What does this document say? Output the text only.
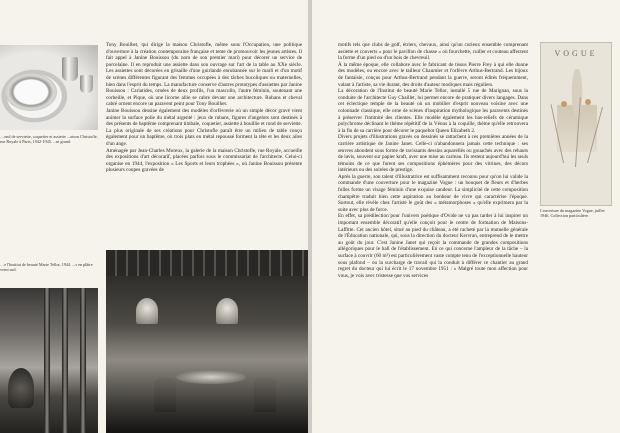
…ond de serviette, coquetier et assiette ...aison Christofle, rue Royale à Paris, 1942-1945. ...nt grand.

Tony Bouilhet, qui dirige la maison Christofle, même sous l'Occupation, une politique d'ouverture à la création contemporaine française et tente de promouvoir les jeunes artistes. Il fait appel à Janine Bouissou (du nom de son premier mari) pour décorer un service de porcelaine. Il en reproduit une assiette dans son ouvrage sur l'art de la table au XXe siècle. Les assiettes sont décorées en grisaille d'une guirlande enrubannée sur le marli et d'un motif de scènes différentes figurant des femmes occupées à des tâches bucoliques ou maternelles, bien dans l'esprit du temps. La manufacture conserve d'autres prototypes d'assiettes par Janine Bouissou : Cariatides, ornées de deux profils, l'un masculin, l'autre féminin, soutenant une corbeille, et Pique, où une licorne allie se cabre devant une architecture. Rubans et cheval cabré ornent encore un paravent peint pour Tony Bouilhet.

Janine Bouissou dessine également des modèles d'orfèvrerie où un simple décor gravé vient animer la surface polie du métal argenté : jeux de rubans, figures d'angelots sont destinés à des présents de baptême comprenant timbale, coquetier, assiette à bouillie et rond de serviette. La plus originale de ses créations pour Christofle paraît être un milieu de table conçu également pour un baptême, où trois plats en métal repoussé forment la tête et les deux ailes d'un ange.

Aménagée par Jean-Charles Moreux, la galerie de la maison Christofle, rue Royale, accueille des expositions d'art décoratif, placées parfois sous le commissariat de l'architecte. Celui-ci organise en 1944, l'exposition « Les Sports et leurs trophées », où Janine Bouissou présente plusieurs coupes gravées de

…e l'Institut de beauté Marie Tellor, 1944. ...s en plâtre verni sud.

motifs tels que clubs de golf, étriers, chevaux, ainsi qu'un curieux ensemble comprenant assiette et couverts « pour le pavillon de chasse » où fourchette, cuiller et couteau affectent la forme d'un pied ou d'un bois de chevreuil.

À la même époque, elle collabore avec le fabricant de tissus Pierre Frey à qui elle donne des modèles, ou encore avec le tailleur Chaumier et l'orfèvre Arthus-Bertrand. Les bijoux de fantaisie, conçus pour Arthus-Bertrand pendant la guerre, seront édités fréquemment, valant à l'artiste, sa vie durant, des droits d'auteur modiques mais réguliers.

La décoration de l'Institut de beauté Marie Tellor, installé 5 rue de Marignan, sous la conduite de l'architecte Guy Chaillet, lui permet encore de pratiquer divers langages. Dans cet éclectique temple de la beauté où un mobilier d'esprit nouveau voisine avec une colonnade classique, elle orne de scènes d'inspiration mythologique les paravents destinés à préserver l'intimité des clientes. Elle modèle également les bas-reliefs de céramique polychrome déclinant le thème répétitif de la Vénus à la coquille, thème qu'elle retrouvera à la fin de sa carrière pour décorer le paquebot Queen Elizabeth 2.

Divers projets d'illustrations gravés ou dessinés se rattachent à ces premières années de la carrière artistique de Janine Janet. Celle-ci n'abandonnera jamais cette technique : ses œuvres abondent sous forme de ravissants dessins aquarellés ou gouachés avec des rehauts de lavis, souvent sur papier kraft, avec une mise au carreau. Ils restent aujourd'hui les seuls témoins de ce que furent ses compositions éphémères pour des vitrines, des décors intérieurs ou des soirées de prestige.

Après la guerre, son talent d'illustratrice est suffisamment reconnu pour qu'on lui valide la commande d'une couverture pour le magazine Vogue : un bouquet de fleurs et d'herbes folles forme un visage féminin d'une exquise candeur. La simplicité de cette composition champêtre traduit bien cette aspiration au bonheur de vivre qui caractérise l'époque. Surtout, elle révèle chez l'artiste le goût des « métamorphoses » qu'elle exprimera par la suite avec plus de force.

En effet, sa prédilection pour l'univers poétique d'Ovide ne va pas tarder à lui inspirer un important ensemble décoratif qu'elle conçoit pour le centre de formation de Maisons-Laffitte. Cet ancien hôtel, situé au pied du château, a été racheté par la mutuelle générale de l'Éducation nationale, qui, sous la direction du docteur Kervran, entreprend de le mettre au goût du jour. C'est Janine Janet qui reçoit la commande de grandes compositions allégoriques pour le hall de l'établissement. En ce qui concerne l'ampleur de la tâche – la surface à couvrir (60 m²) est particulièrement vaste compte tenu de l'exceptionnelle hauteur sous plafond – ou la surcharge de travail qui la conduit à différer ce chantier au grand regret du docteur qui lui écrit le 17 novembre 1951 : « Malgré toute mon affection pour vous, je vois avec tristesse que vos services

VOGUE
Couverture du magazine Vogue, juillet 1946. Collection particulière.
